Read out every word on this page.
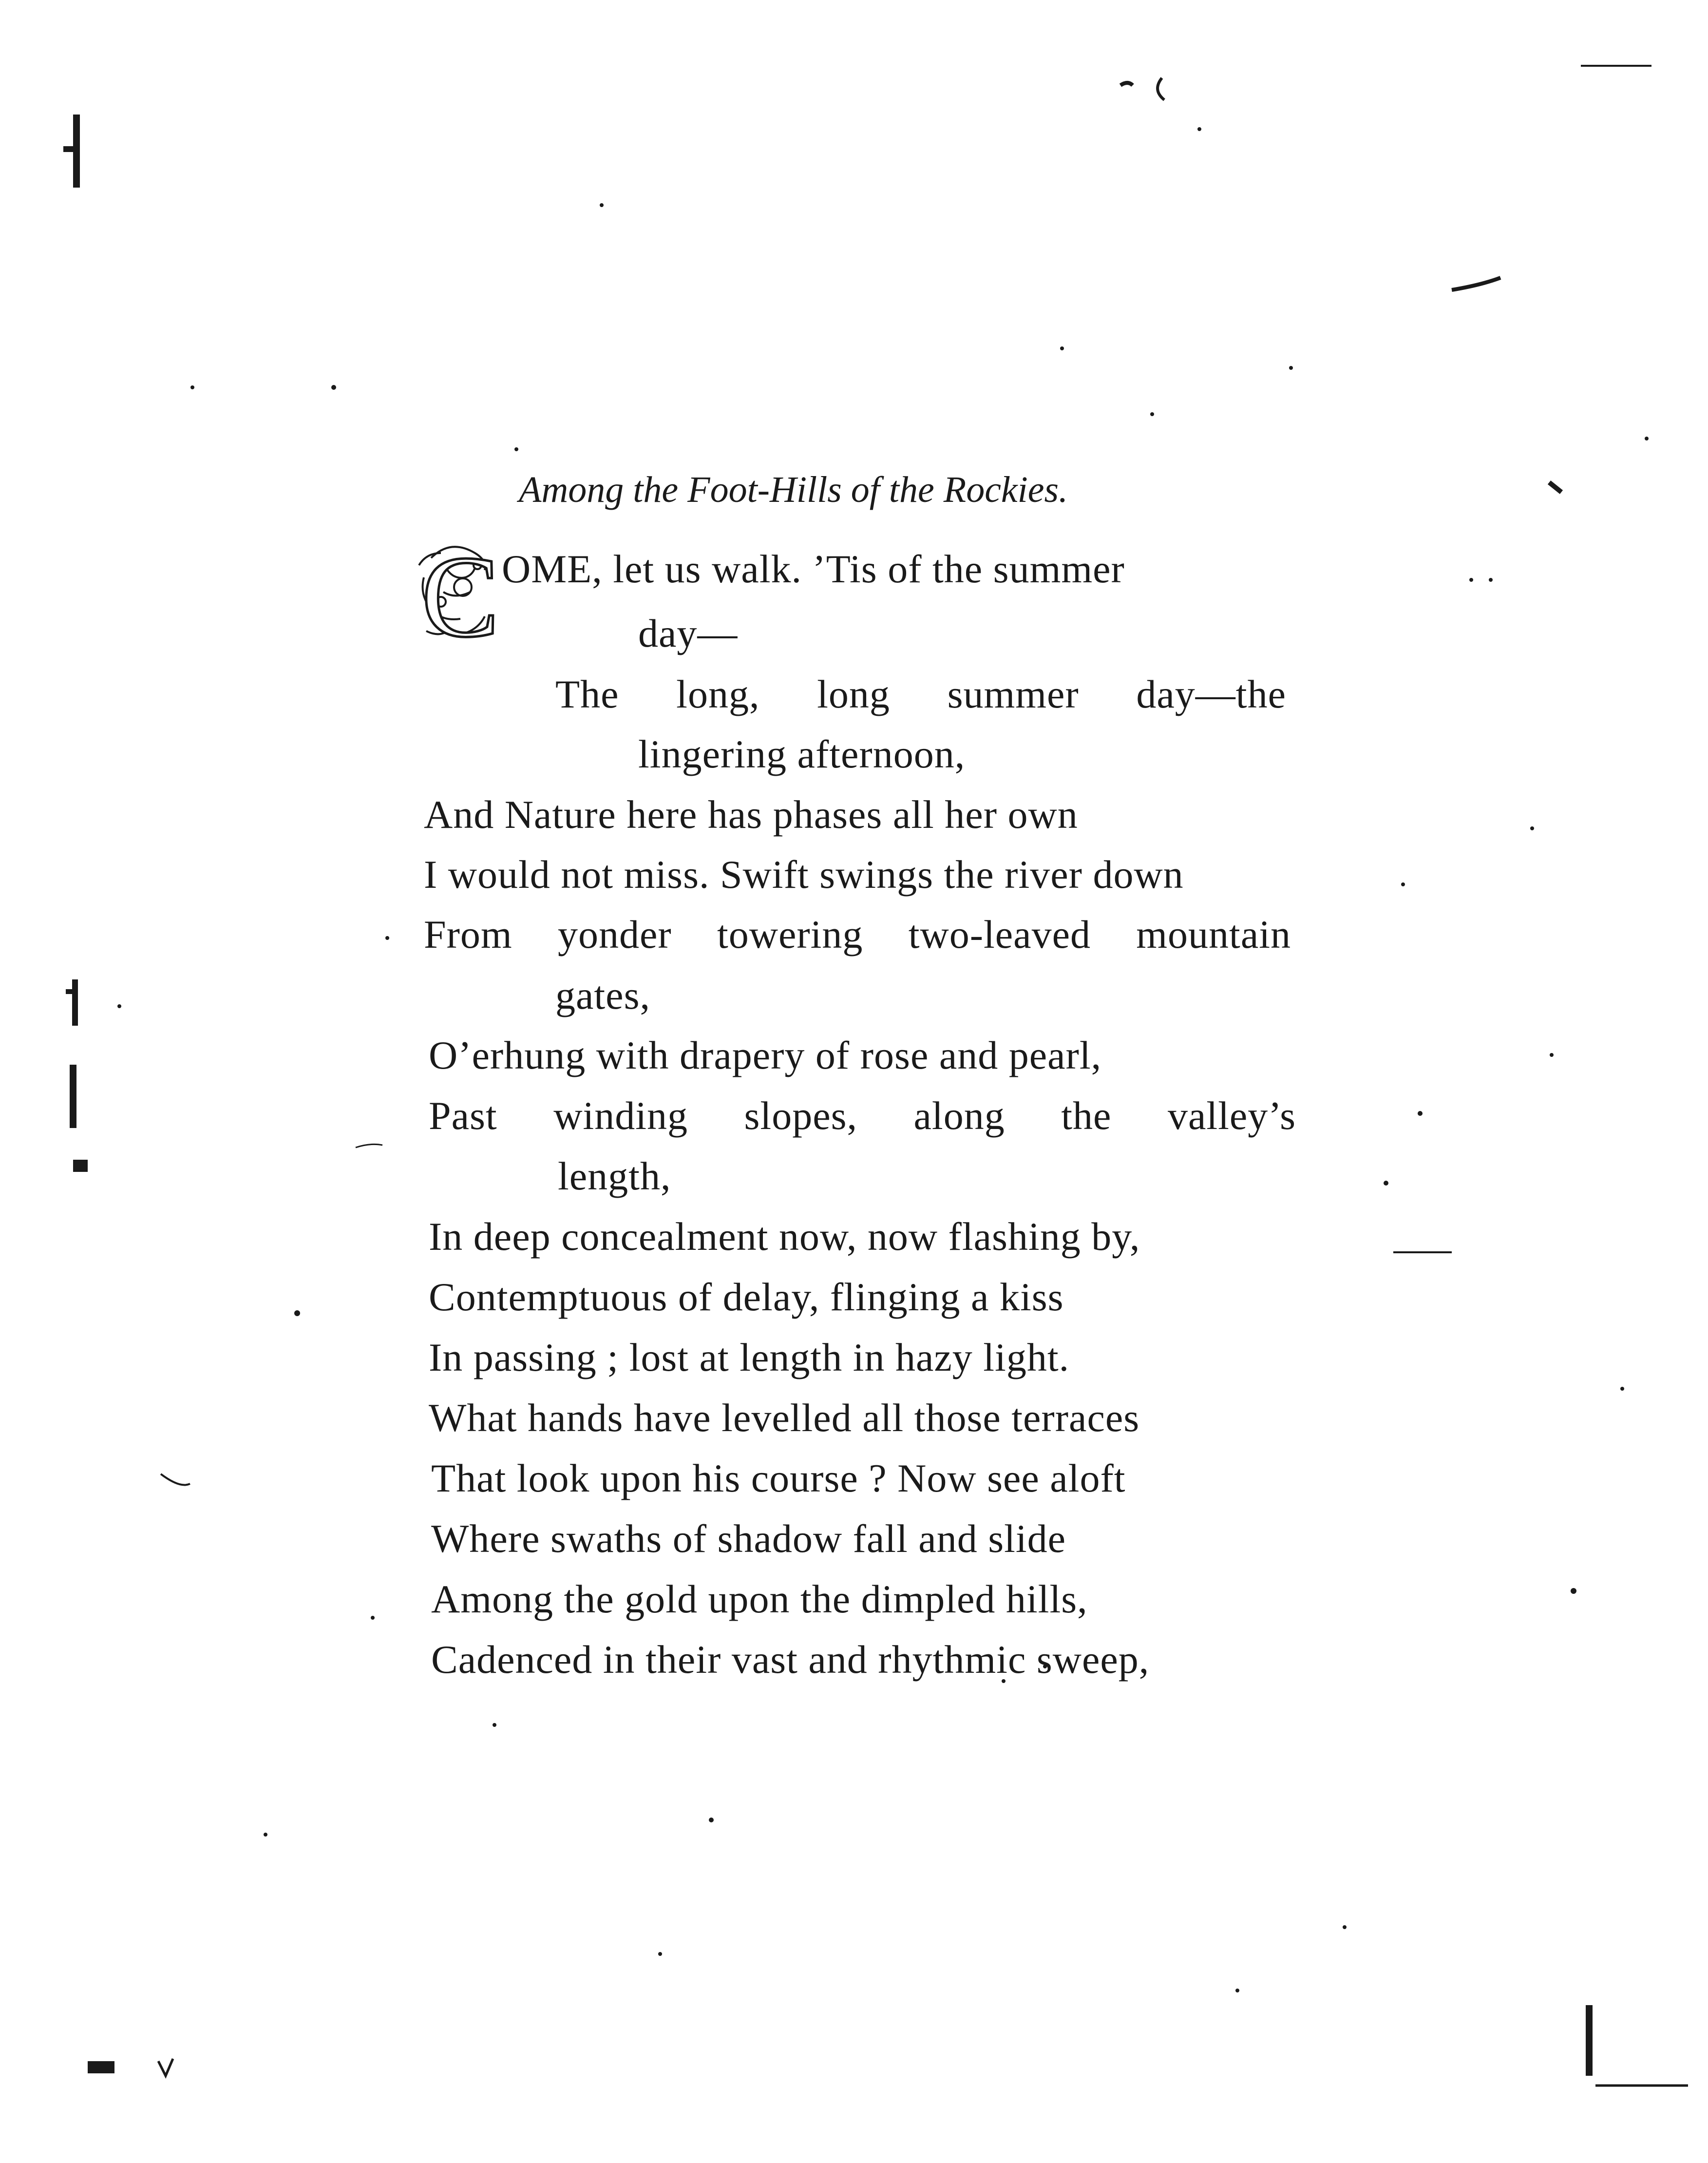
Among the Foot-Hills of the Rockies.
C OME, let us walk. ’Tis of the summer
day—
The long, long summer day—the
lingering afternoon,
And Nature here has phases all her own
I would not miss. Swift swings the river down
From yonder towering two-leaved mountain
gates,
O’erhung with drapery of rose and pearl,
Past winding slopes, along the valley’s
length,
In deep concealment now, now flashing by,
Contemptuous of delay, flinging a kiss
In passing ; lost at length in hazy light.
What hands have levelled all those terraces
That look upon his course ? Now see aloft
Where swaths of shadow fall and slide
Among the gold upon the dimpled hills,
Cadenced in their vast and rhythmic sweep,
